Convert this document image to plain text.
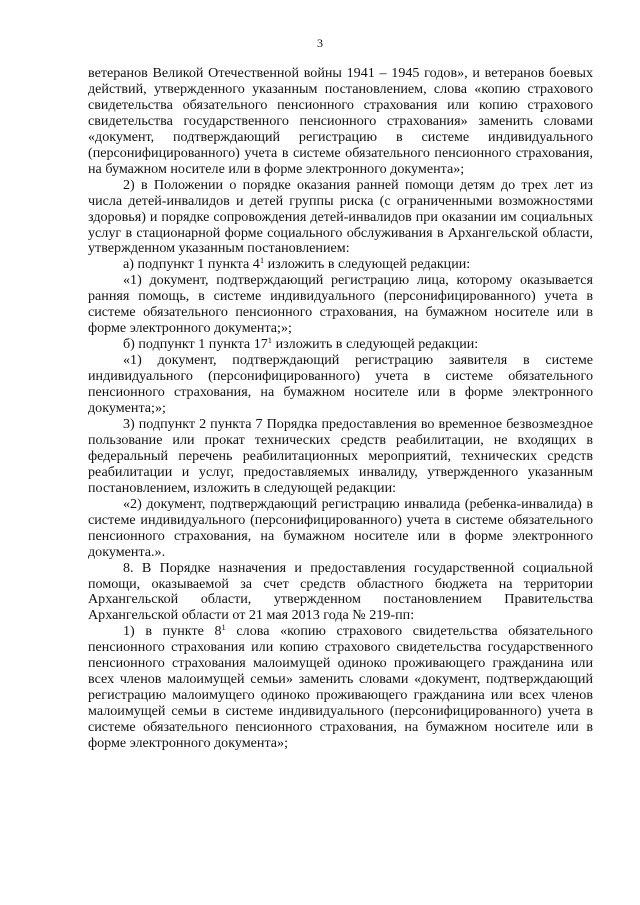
3

ветеранов Великой Отечественной войны 1941 – 1945 годов», и ветеранов боевых действий, утвержденного указанным постановлением, слова «копию страхового свидетельства обязательного пенсионного страхования или копию страхового свидетельства государственного пенсионного страхования» заменить словами «документ, подтверждающий регистрацию в системе индивидуального (персонифицированного) учета в системе обязательного пенсионного страхования, на бумажном носителе или в форме электронного документа»;

2) в Положении о порядке оказания ранней помощи детям до трех лет из числа детей-инвалидов и детей группы риска (с ограниченными возможностями здоровья) и порядке сопровождения детей-инвалидов при оказании им социальных услуг в стационарной форме социального обслуживания в Архангельской области, утвержденном указанным постановлением:

а) подпункт 1 пункта $4^1$ изложить в следующей редакции:

«1) документ, подтверждающий регистрацию лица, которому оказывается ранняя помощь, в системе индивидуального (персонифицированного) учета в системе обязательного пенсионного страхования, на бумажном носителе или в форме электронного документа;»;

б) подпункт 1 пункта $17^1$ изложить в следующей редакции:

«1) документ, подтверждающий регистрацию заявителя в системе индивидуального (персонифицированного) учета в системе обязательного пенсионного страхования, на бумажном носителе или в форме электронного документа;»;

3) подпункт 2 пункта 7 Порядка предоставления во временное безвозмездное пользование или прокат технических средств реабилитации, не входящих в федеральный перечень реабилитационных мероприятий, технических средств реабилитации и услуг, предоставляемых инвалиду, утвержденного указанным постановлением, изложить в следующей редакции:

«2) документ, подтверждающий регистрацию инвалида (ребенка-инвалида) в системе индивидуального (персонифицированного) учета в системе обязательного пенсионного страхования, на бумажном носителе или в форме электронного документа.».

8. В Порядке назначения и предоставления государственной социальной помощи, оказываемой за счет средств областного бюджета на территории Архангельской области, утвержденном постановлением Правительства Архангельской области от 21 мая 2013 года № 219-пп:

1) в пункте $8^1$ слова «копию страхового свидетельства обязательного пенсионного страхования или копию страхового свидетельства государственного пенсионного страхования малоимущей одиноко проживающего гражданина или всех членов малоимущей семьи» заменить словами «документ, подтверждающий регистрацию малоимущего одиноко проживающего гражданина или всех членов малоимущей семьи в системе индивидуального (персонифицированного) учета в системе обязательного пенсионного страхования, на бумажном носителе или в форме электронного документа»;
